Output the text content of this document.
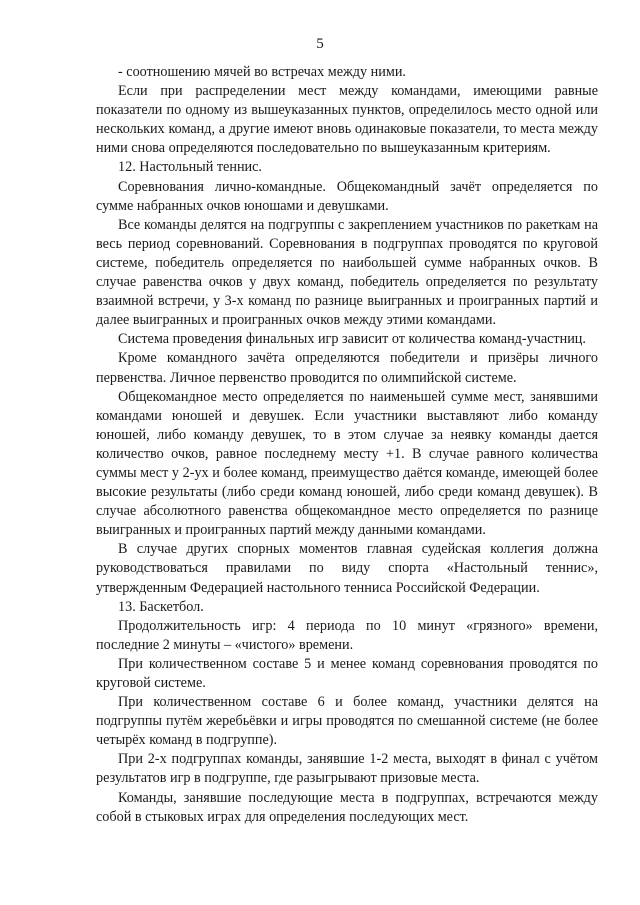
5

- соотношению мячей во встречах между ними.

Если при распределении мест между командами, имеющими равные показатели по одному из вышеуказанных пунктов, определилось место одной или нескольких команд, а другие имеют вновь одинаковые показатели, то места между ними снова определяются последовательно по вышеуказанным критериям.

12. Настольный теннис.

Соревнования лично-командные. Общекомандный зачёт определяется по сумме набранных очков юношами и девушками.

Все команды делятся на подгруппы с закреплением участников по ракеткам на весь период соревнований. Соревнования в подгруппах проводятся по круговой системе, победитель определяется по наибольшей сумме набранных очков. В случае равенства очков у двух команд, победитель определяется по результату взаимной встречи, у 3-х команд по разнице выигранных и проигранных партий и далее выигранных и проигранных очков между этими командами.

Система проведения финальных игр зависит от количества команд-участниц.

Кроме командного зачёта определяются победители и призёры личного первенства. Личное первенство проводится по олимпийской системе.

Общекомандное место определяется по наименьшей сумме мест, занявшими командами юношей и девушек. Если участники выставляют либо команду юношей, либо команду девушек, то в этом случае за неявку команды дается количество очков, равное последнему месту +1. В случае равного количества суммы мест у 2-ух и более команд, преимущество даётся команде, имеющей более высокие результаты (либо среди команд юношей, либо среди команд девушек). В случае абсолютного равенства общекомандное место определяется по разнице выигранных и проигранных партий между данными командами.

В случае других спорных моментов главная судейская коллегия должна руководствоваться правилами по виду спорта «Настольный теннис», утвержденным Федерацией настольного тенниса Российской Федерации.

13. Баскетбол.

Продолжительность игр: 4 периода по 10 минут «грязного» времени, последние 2 минуты – «чистого» времени.

При количественном составе 5 и менее команд соревнования проводятся по круговой системе.

При количественном составе 6 и более команд, участники делятся на подгруппы путём жеребьёвки и игры проводятся по смешанной системе (не более четырёх команд в подгруппе).

При 2-х подгруппах команды, занявшие 1-2 места, выходят в финал с учётом результатов игр в подгруппе, где разыгрывают призовые места.

Команды, занявшие последующие места в подгруппах, встречаются между собой в стыковых играх для определения последующих мест.
